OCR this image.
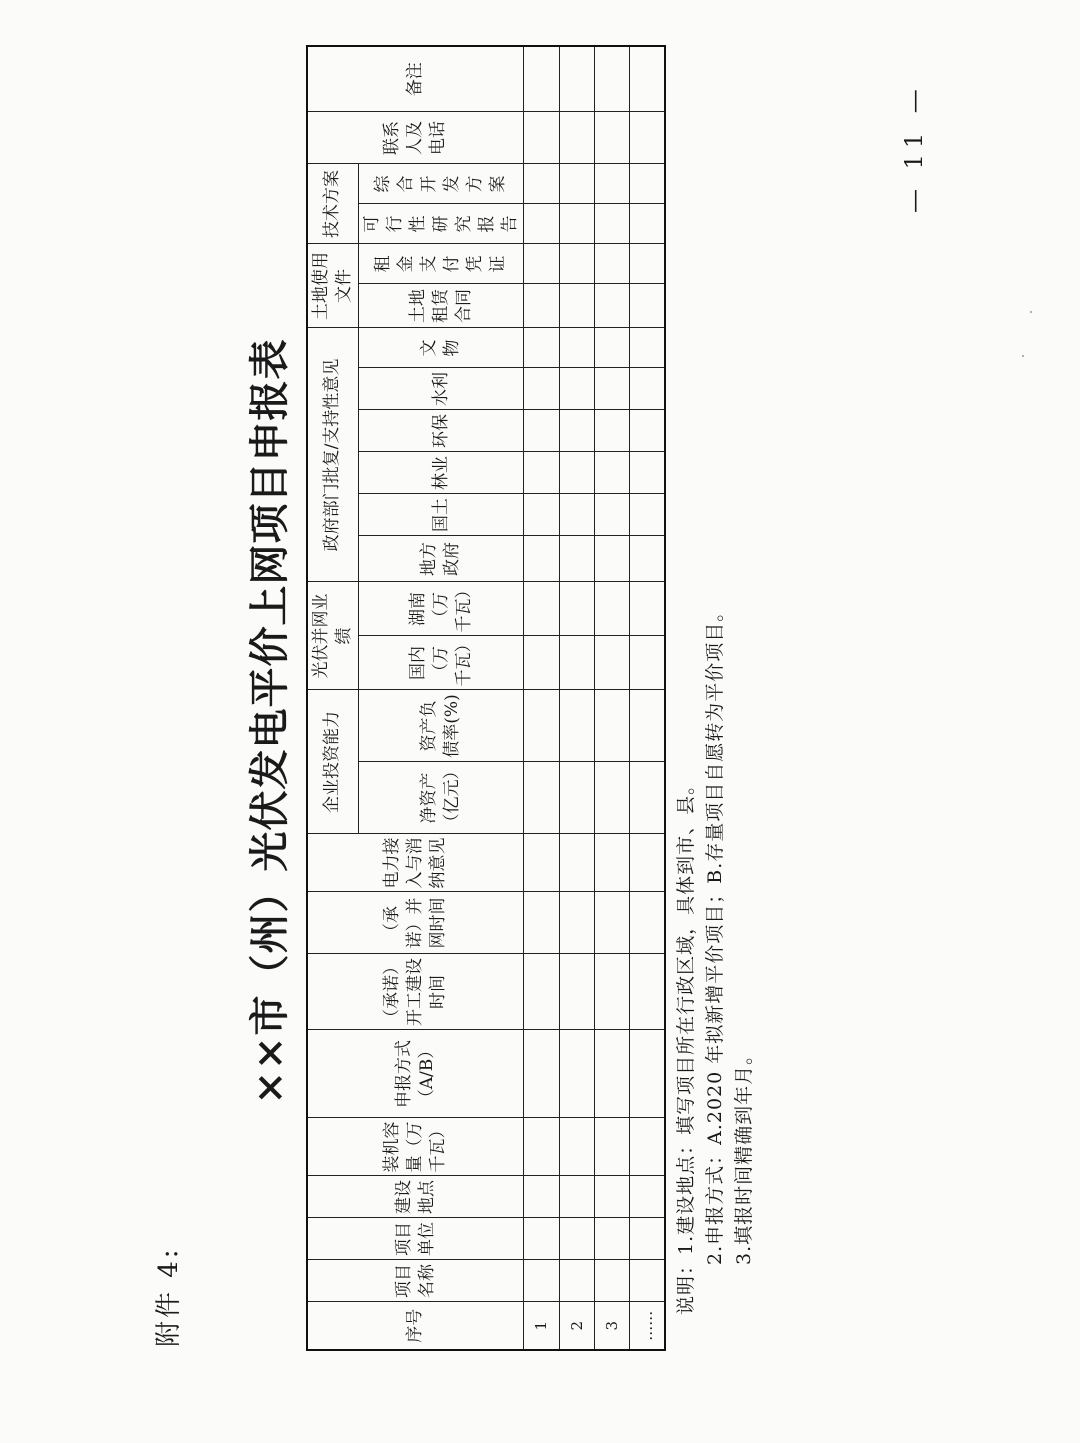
附件 4:
××市（州）光伏发电平价上网项目申报表
序号	项目名称	项目单位	建设地点	装机容量（万千瓦）	申报方式（A/B）	（承诺）开工建设时间	（承诺）并网时间	电力接入与消纳意见	企业投资能力		光伏并网业绩		政府部门批复/支持性意见						土地使用文件		技术方案		联系人及电话	备注
									净资产（亿元）	资产负债率(%)	国内（万千瓦）	湖南（万千瓦）	地方政府	国土	林业	环保	水利	文物	土地租赁合同	租金支付凭证	可行性研究报告	综合开发方案		
1																								
2																								
3																								
……																								
说明：1.建设地点：填写项目所在行政区域，具体到市、县。 2.申报方式：A.2020 年拟新增平价项目；B.存量项目自愿转为平价项目。 3.填报时间精确到年月。
— 11 —
